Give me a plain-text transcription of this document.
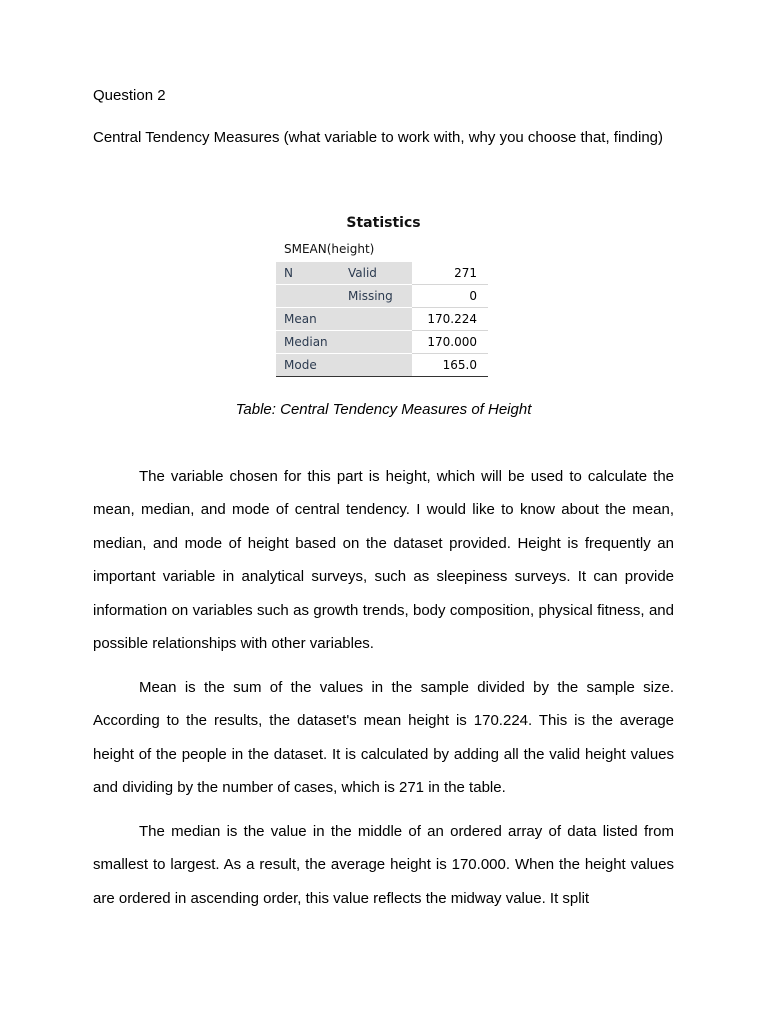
Question 2
Central Tendency Measures (what variable to work with, why you choose that, finding)
Statistics
SMEAN(height)
N	Valid	271
	Missing	0
Mean		170.224
Median		170.000
Mode		165.0
Table: Central Tendency Measures of Height

The variable chosen for this part is height, which will be used to calculate the mean, median, and mode of central tendency. I would like to know about the mean, median, and mode of height based on the dataset provided. Height is frequently an important variable in analytical surveys, such as sleepiness surveys. It can provide information on variables such as growth trends, body composition, physical fitness, and possible relationships with other variables.

Mean is the sum of the values in the sample divided by the sample size. According to the results, the dataset's mean height is 170.224. This is the average height of the people in the dataset. It is calculated by adding all the valid height values and dividing by the number of cases, which is 271 in the table.

The median is the value in the middle of an ordered array of data listed from smallest to largest. As a result, the average height is 170.000. When the height values are ordered in ascending order, this value reflects the midway value. It split
